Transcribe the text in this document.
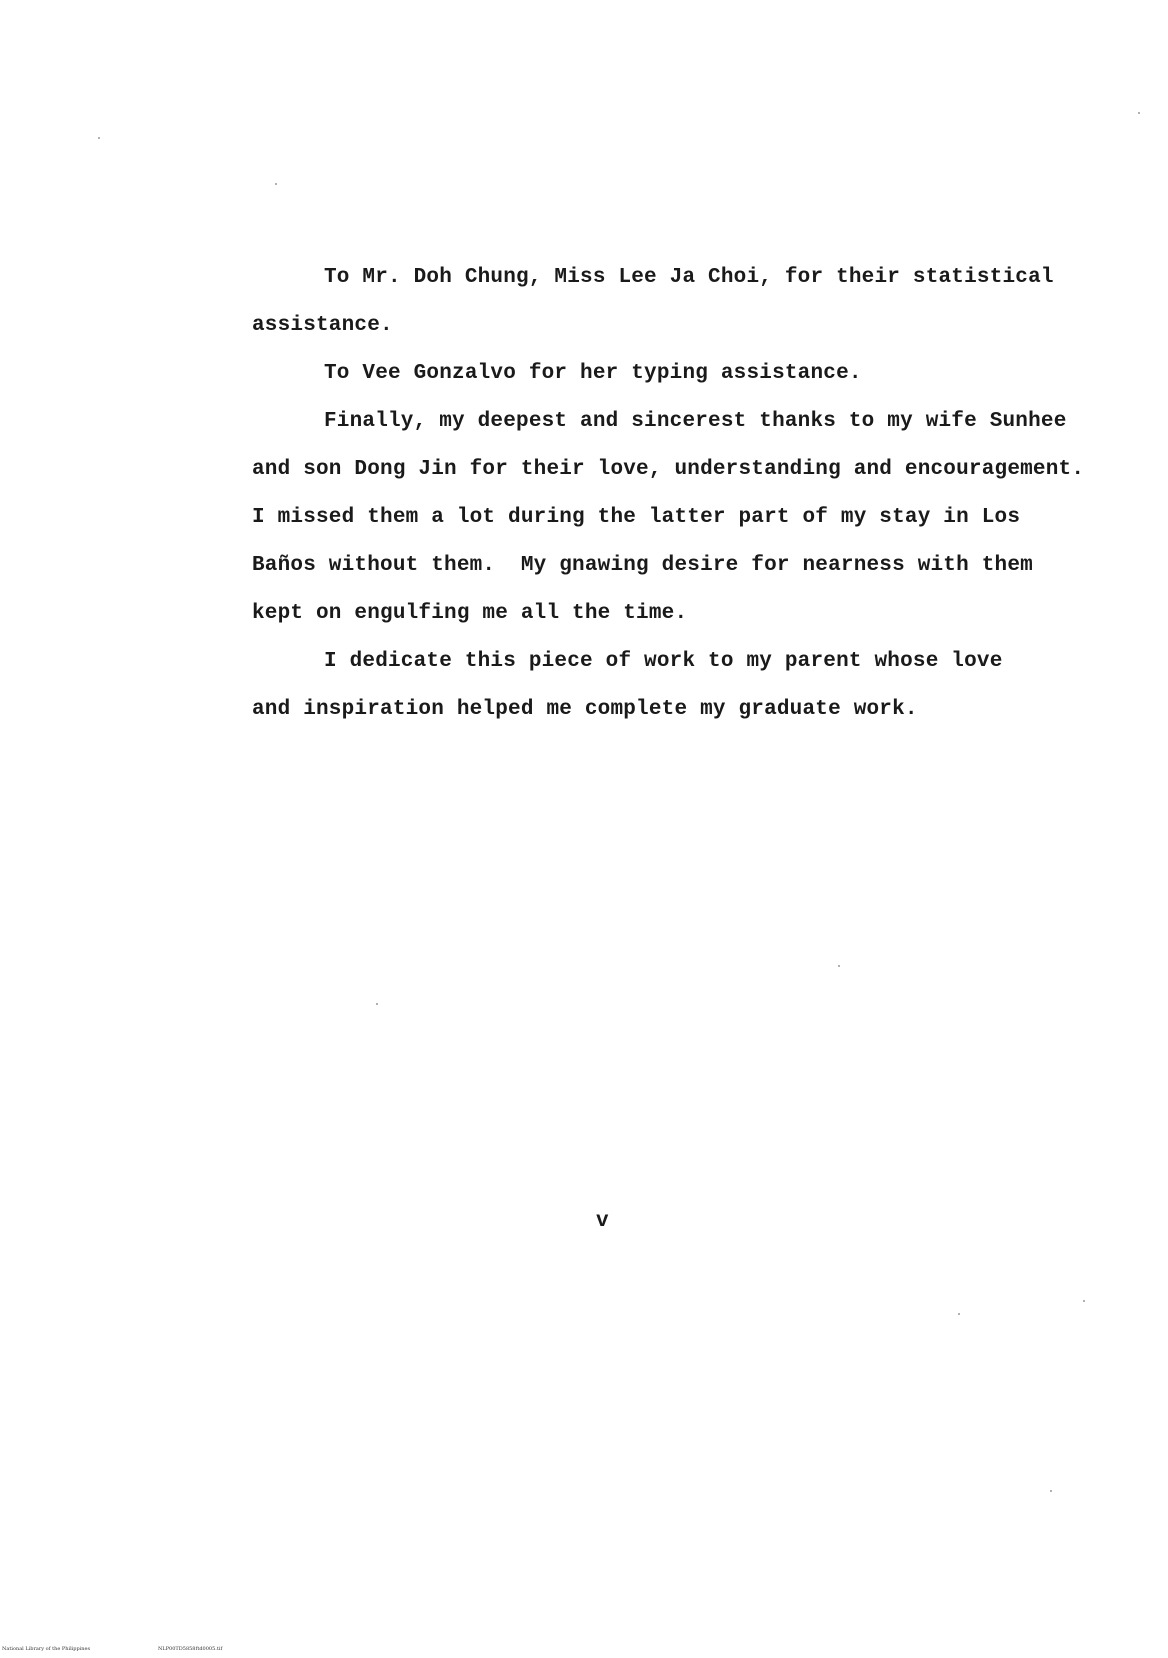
To Mr. Doh Chung, Miss Lee Ja Choi, for their statistical
assistance.
To Vee Gonzalvo for her typing assistance.
Finally, my deepest and sincerest thanks to my wife Sunhee
and son Dong Jin for their love, understanding and encouragement.
I missed them a lot during the latter part of my stay in Los
Baños without them.  My gnawing desire for nearness with them
kept on engulfing me all the time.
I dedicate this piece of work to my parent whose love
and inspiration helped me complete my graduate work.
v
National Library of the Philippines	NLP00TD5858ftd0005.tif
